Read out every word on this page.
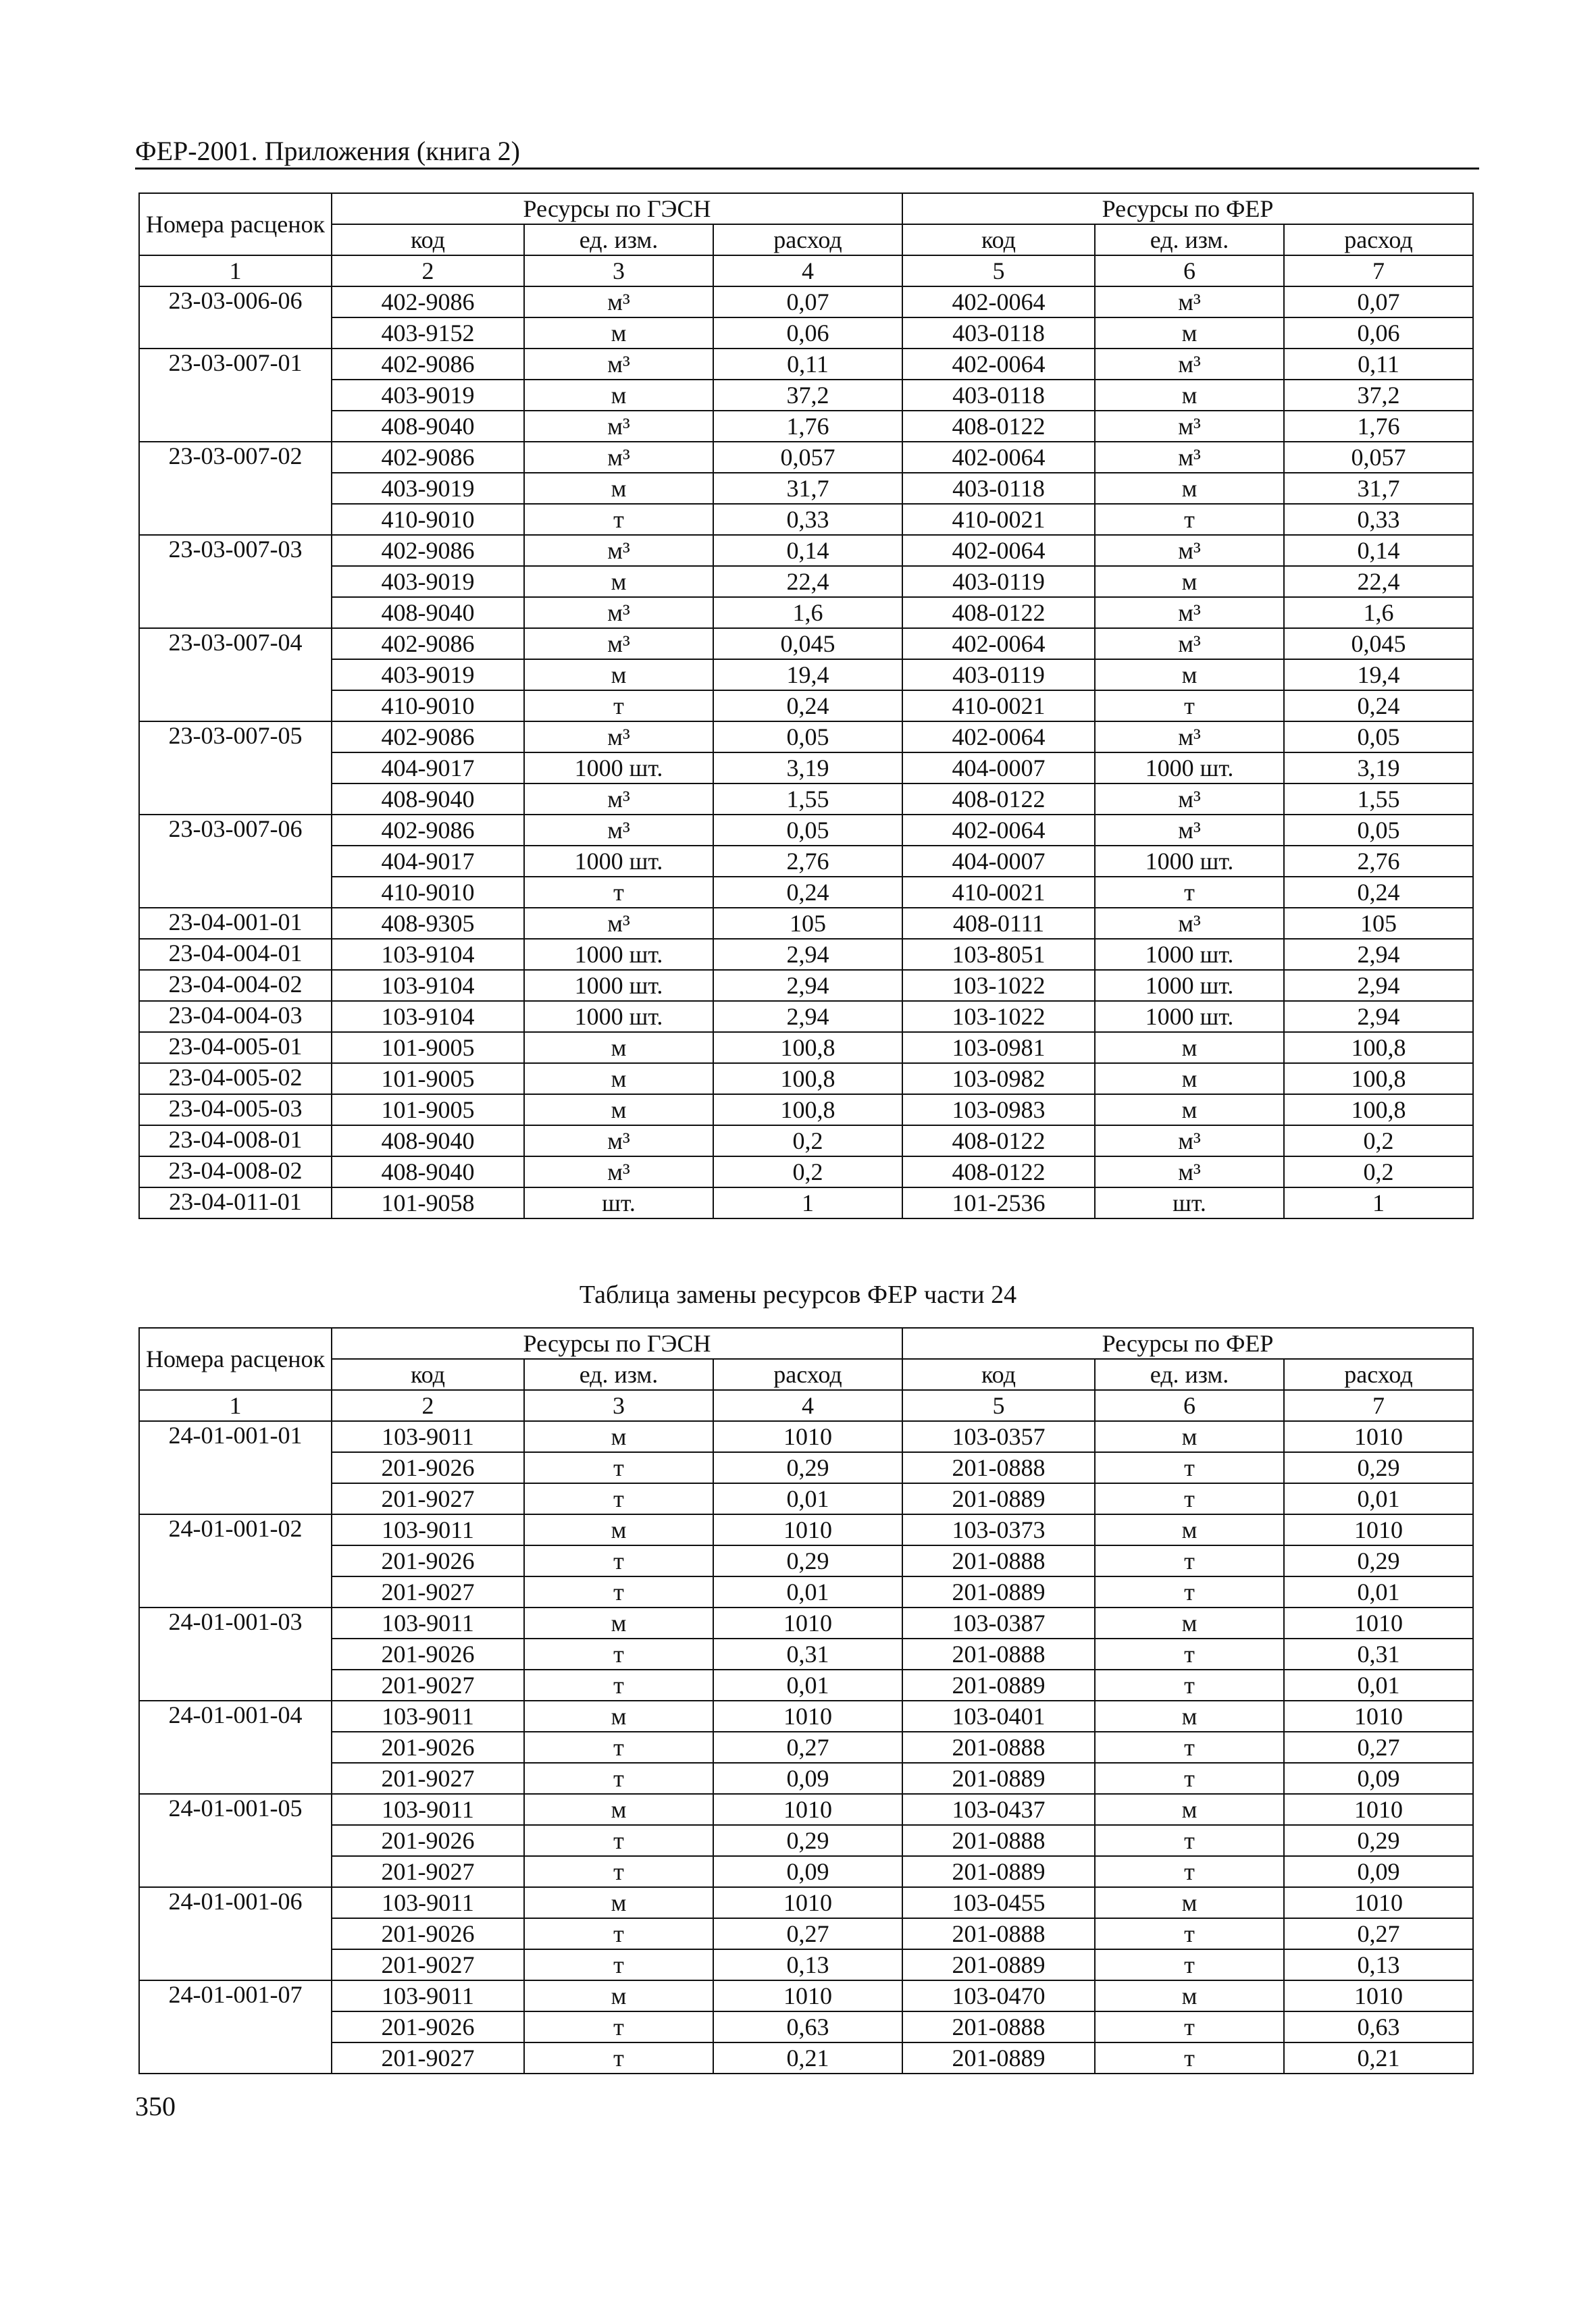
ФЕР-2001. Приложения (книга 2)
Номера расценок	Ресурсы по ГЭСН			Ресурсы по ФЕР		
	код	ед. изм.	расход	код	ед. изм.	расход
1	2	3	4	5	6	7
23-03-006-06	402-9086	м³	0,07	402-0064	м³	0,07
	403-9152	м	0,06	403-0118	м	0,06
23-03-007-01	402-9086	м³	0,11	402-0064	м³	0,11
	403-9019	м	37,2	403-0118	м	37,2
	408-9040	м³	1,76	408-0122	м³	1,76
23-03-007-02	402-9086	м³	0,057	402-0064	м³	0,057
	403-9019	м	31,7	403-0118	м	31,7
	410-9010	т	0,33	410-0021	т	0,33
23-03-007-03	402-9086	м³	0,14	402-0064	м³	0,14
	403-9019	м	22,4	403-0119	м	22,4
	408-9040	м³	1,6	408-0122	м³	1,6
23-03-007-04	402-9086	м³	0,045	402-0064	м³	0,045
	403-9019	м	19,4	403-0119	м	19,4
	410-9010	т	0,24	410-0021	т	0,24
23-03-007-05	402-9086	м³	0,05	402-0064	м³	0,05
	404-9017	1000 шт.	3,19	404-0007	1000 шт.	3,19
	408-9040	м³	1,55	408-0122	м³	1,55
23-03-007-06	402-9086	м³	0,05	402-0064	м³	0,05
	404-9017	1000 шт.	2,76	404-0007	1000 шт.	2,76
	410-9010	т	0,24	410-0021	т	0,24
23-04-001-01	408-9305	м³	105	408-0111	м³	105
23-04-004-01	103-9104	1000 шт.	2,94	103-8051	1000 шт.	2,94
23-04-004-02	103-9104	1000 шт.	2,94	103-1022	1000 шт.	2,94
23-04-004-03	103-9104	1000 шт.	2,94	103-1022	1000 шт.	2,94
23-04-005-01	101-9005	м	100,8	103-0981	м	100,8
23-04-005-02	101-9005	м	100,8	103-0982	м	100,8
23-04-005-03	101-9005	м	100,8	103-0983	м	100,8
23-04-008-01	408-9040	м³	0,2	408-0122	м³	0,2
23-04-008-02	408-9040	м³	0,2	408-0122	м³	0,2
23-04-011-01	101-9058	шт.	1	101-2536	шт.	1
Таблица замены ресурсов ФЕР части 24
Номера расценок	Ресурсы по ГЭСН			Ресурсы по ФЕР		
	код	ед. изм.	расход	код	ед. изм.	расход
1	2	3	4	5	6	7
24-01-001-01	103-9011	м	1010	103-0357	м	1010
	201-9026	т	0,29	201-0888	т	0,29
	201-9027	т	0,01	201-0889	т	0,01
24-01-001-02	103-9011	м	1010	103-0373	м	1010
	201-9026	т	0,29	201-0888	т	0,29
	201-9027	т	0,01	201-0889	т	0,01
24-01-001-03	103-9011	м	1010	103-0387	м	1010
	201-9026	т	0,31	201-0888	т	0,31
	201-9027	т	0,01	201-0889	т	0,01
24-01-001-04	103-9011	м	1010	103-0401	м	1010
	201-9026	т	0,27	201-0888	т	0,27
	201-9027	т	0,09	201-0889	т	0,09
24-01-001-05	103-9011	м	1010	103-0437	м	1010
	201-9026	т	0,29	201-0888	т	0,29
	201-9027	т	0,09	201-0889	т	0,09
24-01-001-06	103-9011	м	1010	103-0455	м	1010
	201-9026	т	0,27	201-0888	т	0,27
	201-9027	т	0,13	201-0889	т	0,13
24-01-001-07	103-9011	м	1010	103-0470	м	1010
	201-9026	т	0,63	201-0888	т	0,63
	201-9027	т	0,21	201-0889	т	0,21
350
